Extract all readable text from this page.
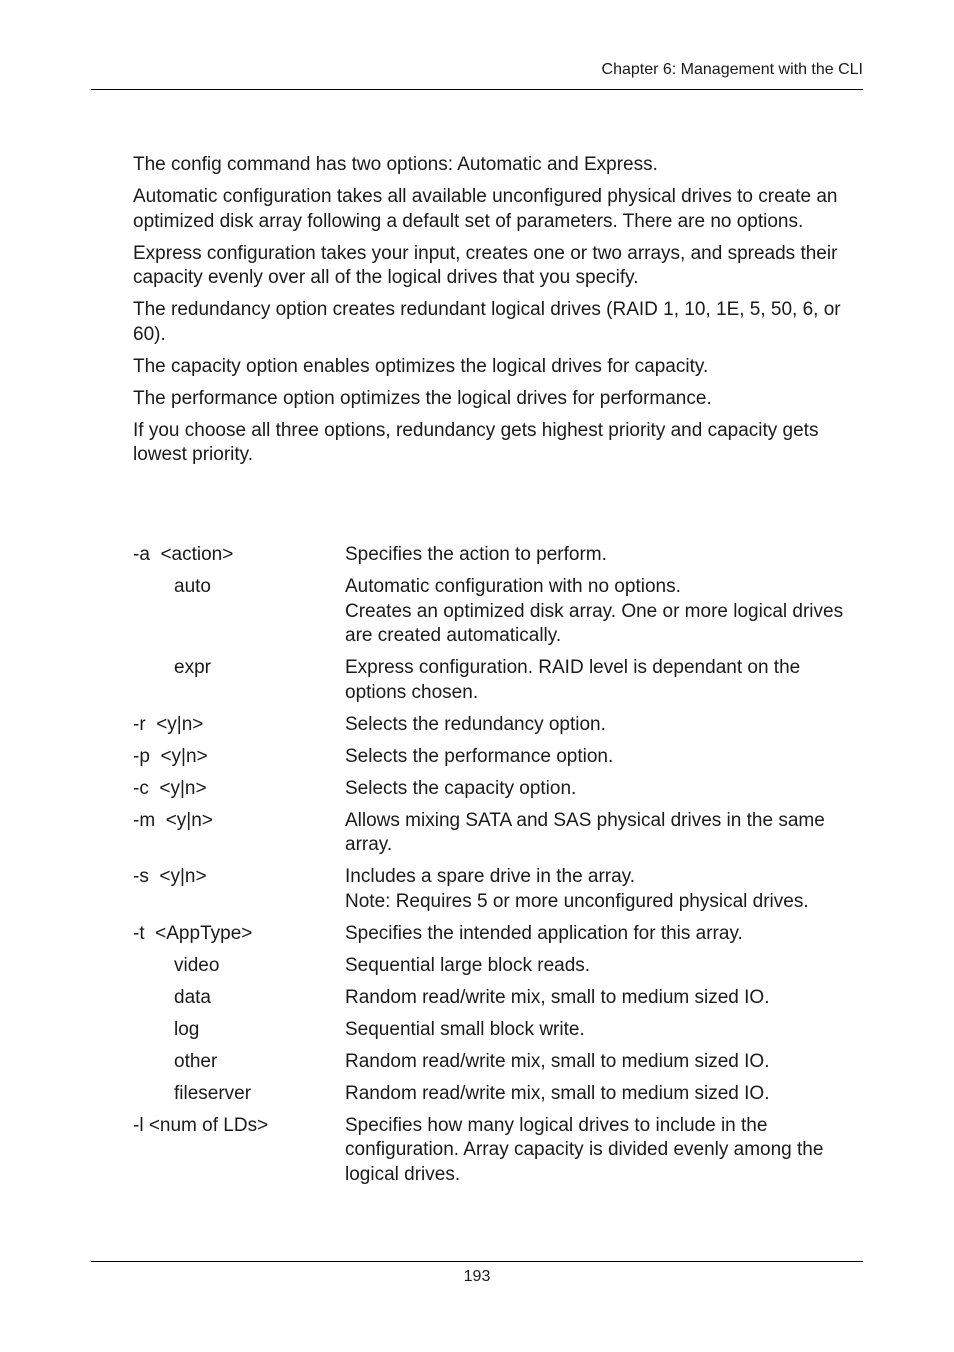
Chapter 6: Management with the CLI

The config command has two options: Automatic and Express.

Automatic configuration takes all available unconfigured physical drives to create an optimized disk array following a default set of parameters. There are no options.

Express configuration takes your input, creates one or two arrays, and spreads their capacity evenly over all of the logical drives that you specify.

The redundancy option creates redundant logical drives (RAID 1, 10, 1E, 5, 50, 6, or 60).

The capacity option enables optimizes the logical drives for capacity.

The performance option optimizes the logical drives for performance.

If you choose all three options, redundancy gets highest priority and capacity gets lowest priority.

-a  <action>	Specifies the action to perform.
auto	Automatic configuration with no options.
Creates an optimized disk array. One or more logical drives are created automatically.
expr	Express configuration. RAID level is dependant on the options chosen.
-r  <y|n>	Selects the redundancy option.
-p  <y|n>	Selects the performance option.
-c  <y|n>	Selects the capacity option.
-m  <y|n>	Allows mixing SATA and SAS physical drives in the same array.
-s  <y|n>	Includes a spare drive in the array.
Note: Requires 5 or more unconfigured physical drives.
-t  <AppType>	Specifies the intended application for this array.
video	Sequential large block reads.
data	Random read/write mix, small to medium sized IO.
log	Sequential small block write.
other	Random read/write mix, small to medium sized IO.
fileserver	Random read/write mix, small to medium sized IO.
-l <num of LDs>	Specifies how many logical drives to include in the configuration. Array capacity is divided evenly among the logical drives.
193
